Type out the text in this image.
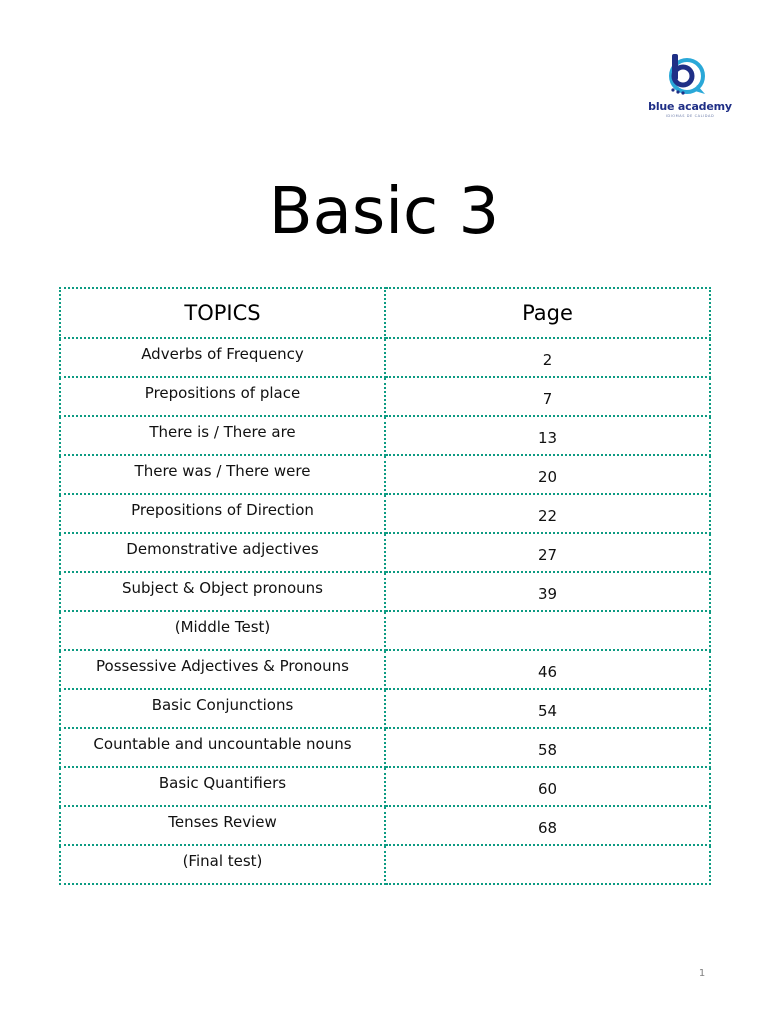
blue academy
IDIOMAS DE CALIDAD
Basic 3
TOPICS	Page
Adverbs of Frequency	2
Prepositions of place	7
There is / There are	13
There was / There were	20
Prepositions of Direction	22
Demonstrative adjectives	27
Subject & Object pronouns	39
(Middle Test)	
Possessive Adjectives & Pronouns	46
Basic Conjunctions	54
Countable and uncountable nouns	58
Basic Quantifiers	60
Tenses Review	68
(Final test)	
1
